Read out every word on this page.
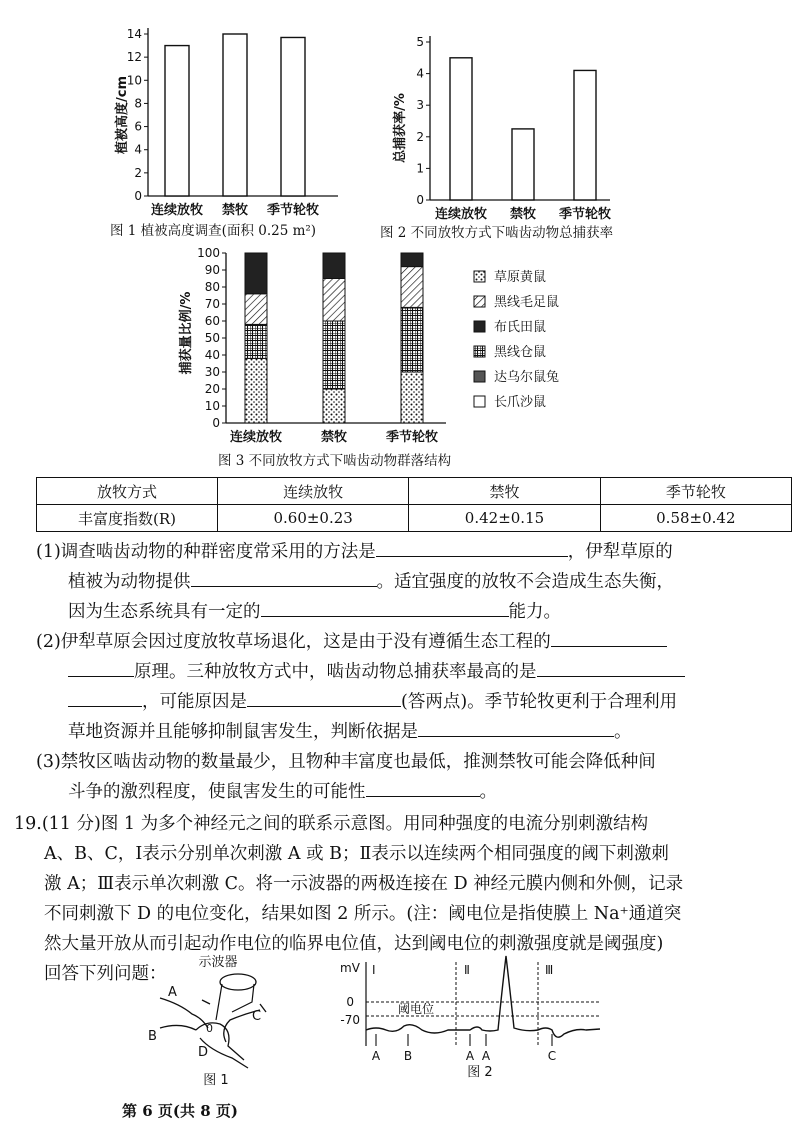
0
2
4
6
8
10
12
14
连续放牧 禁牧 季节轮牧
植被高度/cm
图 1 植被高度调查(面积 0.25 m²)
0
1
2
3
4
5
连续放牧 禁牧 季节轮牧
总捕获率/%
图 2 不同放牧方式下啮齿动物总捕获率
0
10
20
30
40
50
60
70
80
90
100
连续放牧	禁牧	季节轮牧
草原黄鼠
黑线毛足鼠
布氏田鼠
黑线仓鼠
达乌尔鼠兔
长爪沙鼠
捕获量比例/%
图 3 不同放牧方式下啮齿动物群落结构
放牧方式	连续放牧	禁牧	季节轮牧
丰富度指数(R)	0.60±0.23	0.42±0.15	0.58±0.42
(1)调查啮齿动物的种群密度常采用的方法是	，伊犁草原的
植被为动物提供	。适宜强度的放牧不会造成生态失衡，
因为生态系统具有一定的	能力。
(2)伊犁草原会因过度放牧草场退化，这是由于没有遵循生态工程的
原理。三种放牧方式中，啮齿动物总捕获率最高的是
，可能原因是	(答两点)。季节轮牧更利于合理利用
草地资源并且能够抑制鼠害发生，判断依据是	。
(3)禁牧区啮齿动物的数量最少，且物种丰富度也最低，推测禁牧可能会降低种间
斗争的激烈程度，使鼠害发生的可能性	。
19.(11 分)图 1 为多个神经元之间的联系示意图。用同种强度的电流分别刺激结构
A、B、C，Ⅰ表示分别单次刺激 A 或 B；Ⅱ表示以连续两个相同强度的阈下刺激刺
激 A；Ⅲ表示单次刺激 C。将一示波器的两极连接在 D 神经元膜内侧和外侧，记录
不同刺激下 D 的电位变化，结果如图 2 所示。(注：阈电位是指使膜上 Na⁺通道突
然大量开放从而引起动作电位的临界电位值，达到阈电位的刺激强度就是阈强度)
回答下列问题：
示波器
A
B
C
D
0
图 1
mV Ⅰ	Ⅱ	Ⅲ
0
-70
阈电位
A B	A A	C
图 2
第 6 页(共 8 页)
